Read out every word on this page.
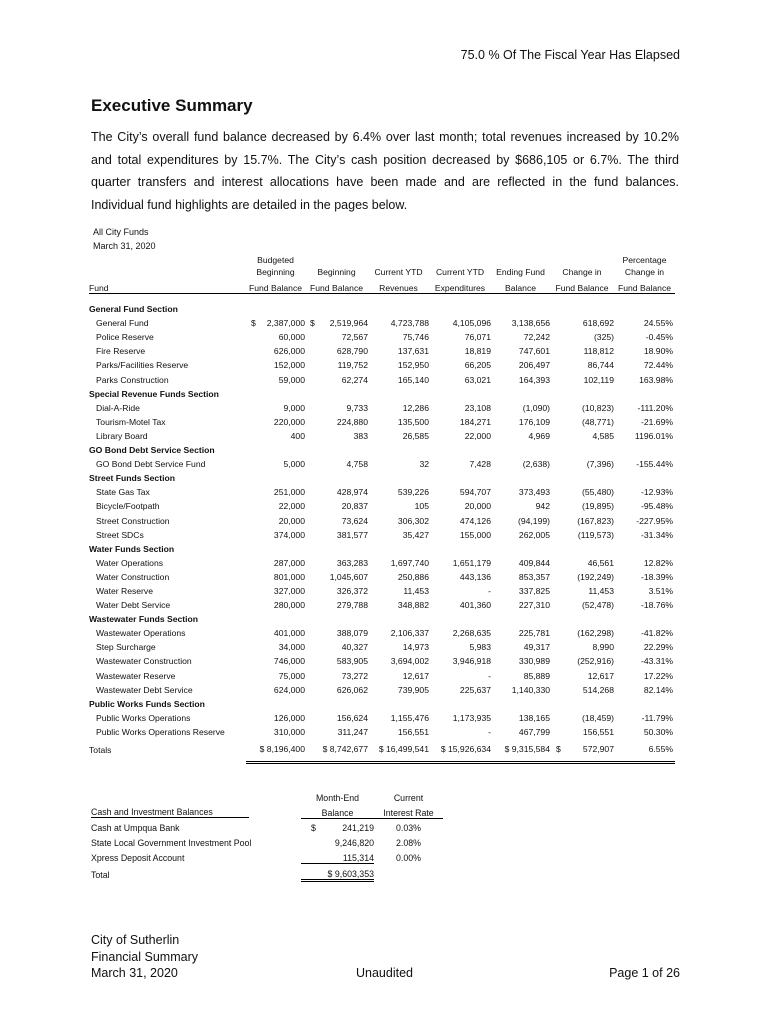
75.0 % Of The Fiscal Year Has Elapsed
Executive Summary
The City’s overall fund balance decreased by 6.4% over last month; total revenues increased by 10.2% and total expenditures by 15.7%. The City’s cash position decreased by $686,105 or 6.7%. The third quarter transfers and interest allocations have been made and are reflected in the fund balances. Individual fund highlights are detailed in the pages below.
All City Funds
March 31, 2020
	Budgeted						Percentage
	Beginning	Beginning	Current YTD	Current YTD	Ending Fund	Change in	Change in
Fund	Fund Balance	Fund Balance	Revenues	Expenditures	Balance	Fund Balance	Fund Balance

General Fund Section							
General Fund	$ 2,387,000	$ 2,519,964	4,723,788	4,105,096	3,138,656	618,692	24.55%
Police Reserve	60,000	72,567	75,746	76,071	72,242	(325)	-0.45%
Fire Reserve	626,000	628,790	137,631	18,819	747,601	118,812	18.90%
Parks/Facilities Reserve	152,000	119,752	152,950	66,205	206,497	86,744	72.44%
Parks Construction	59,000	62,274	165,140	63,021	164,393	102,119	163.98%
Special Revenue Funds Section							
Dial-A-Ride	9,000	9,733	12,286	23,108	(1,090)	(10,823)	-111.20%
Tourism-Motel Tax	220,000	224,880	135,500	184,271	176,109	(48,771)	-21.69%
Library Board	400	383	26,585	22,000	4,969	4,585	1196.01%
GO Bond Debt Service Section							
GO Bond Debt Service Fund	5,000	4,758	32	7,428	(2,638)	(7,396)	-155.44%
Street Funds Section							
State Gas Tax	251,000	428,974	539,226	594,707	373,493	(55,480)	-12.93%
Bicycle/Footpath	22,000	20,837	105	20,000	942	(19,895)	-95.48%
Street Construction	20,000	73,624	306,302	474,126	(94,199)	(167,823)	-227.95%
Street SDCs	374,000	381,577	35,427	155,000	262,005	(119,573)	-31.34%
Water Funds Section							
Water Operations	287,000	363,283	1,697,740	1,651,179	409,844	46,561	12.82%
Water Construction	801,000	1,045,607	250,886	443,136	853,357	(192,249)	-18.39%
Water Reserve	327,000	326,372	11,453	-	337,825	11,453	3.51%
Water Debt Service	280,000	279,788	348,882	401,360	227,310	(52,478)	-18.76%
Wastewater Funds Section							
Wastewater Operations	401,000	388,079	2,106,337	2,268,635	225,781	(162,298)	-41.82%
Step Surcharge	34,000	40,327	14,973	5,983	49,317	8,990	22.29%
Wastewater Construction	746,000	583,905	3,694,002	3,946,918	330,989	(252,916)	-43.31%
Wastewater Reserve	75,000	73,272	12,617	-	85,889	12,617	17.22%
Wastewater Debt Service	624,000	626,062	739,905	225,637	1,140,330	514,268	82.14%
Public Works Funds Section							
Public Works Operations	126,000	156,624	1,155,476	1,173,935	138,165	(18,459)	-11.79%
Public Works Operations Reserve	310,000	311,247	156,551	-	467,799	156,551	50.30%
Totals	$ 8,196,400	$ 8,742,677	$ 16,499,541	$ 15,926,634	$ 9,315,584	$ 572,907	6.55%
	Month-End	Current
Cash and Investment Balances	Balance	Interest Rate
Cash at Umpqua Bank	$ 241,219	0.03%
State Local Government Investment Pool	9,246,820	2.08%
Xpress Deposit Account	115,314	0.00%
Total	$ 9,603,353	
City of Sutherlin
Financial Summary
March 31, 2020	Unaudited	Page 1 of 26
